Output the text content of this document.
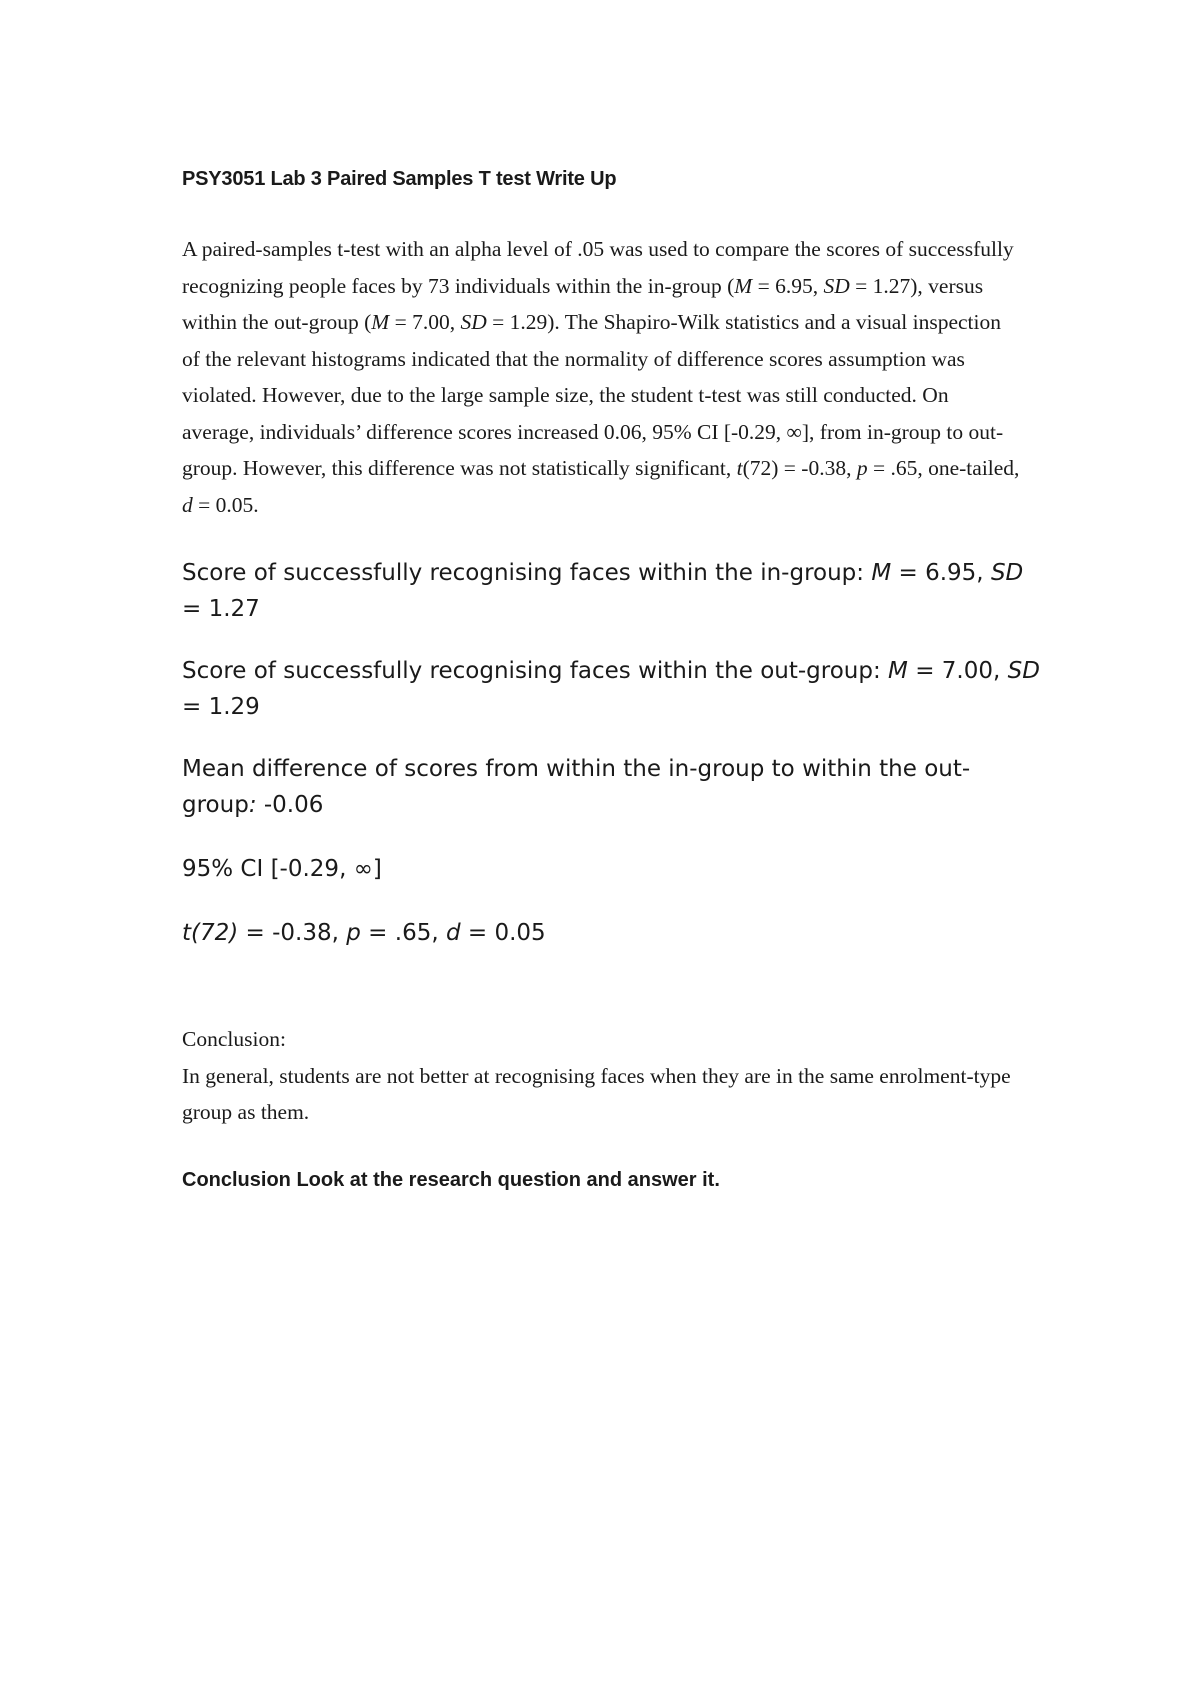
PSY3051 Lab 3 Paired Samples T test Write Up

A paired-samples t-test with an alpha level of .05 was used to compare the scores of successfully recognizing people faces by 73 individuals within the in-group (M = 6.95, SD = 1.27), versus within the out-group (M = 7.00, SD = 1.29). The Shapiro-Wilk statistics and a visual inspection of the relevant histograms indicated that the normality of difference scores assumption was violated. However, due to the large sample size, the student t-test was still conducted. On average, individuals’ difference scores increased 0.06, 95% CI [-0.29, ∞], from in-group to out-group. However, this difference was not statistically significant, t(72) = -0.38, p = .65, one-tailed, d = 0.05.

Score of successfully recognising faces within the in-group: M = 6.95, SD = 1.27
Score of successfully recognising faces within the out-group: M = 7.00, SD = 1.29
Mean difference of scores from within the in-group to within the out-group: -0.06
95% CI [-0.29, ∞]
t(72) = -0.38, p = .65, d = 0.05
Conclusion:
In general, students are not better at recognising faces when they are in the same enrolment-type group as them.
Conclusion Look at the research question and answer it.
